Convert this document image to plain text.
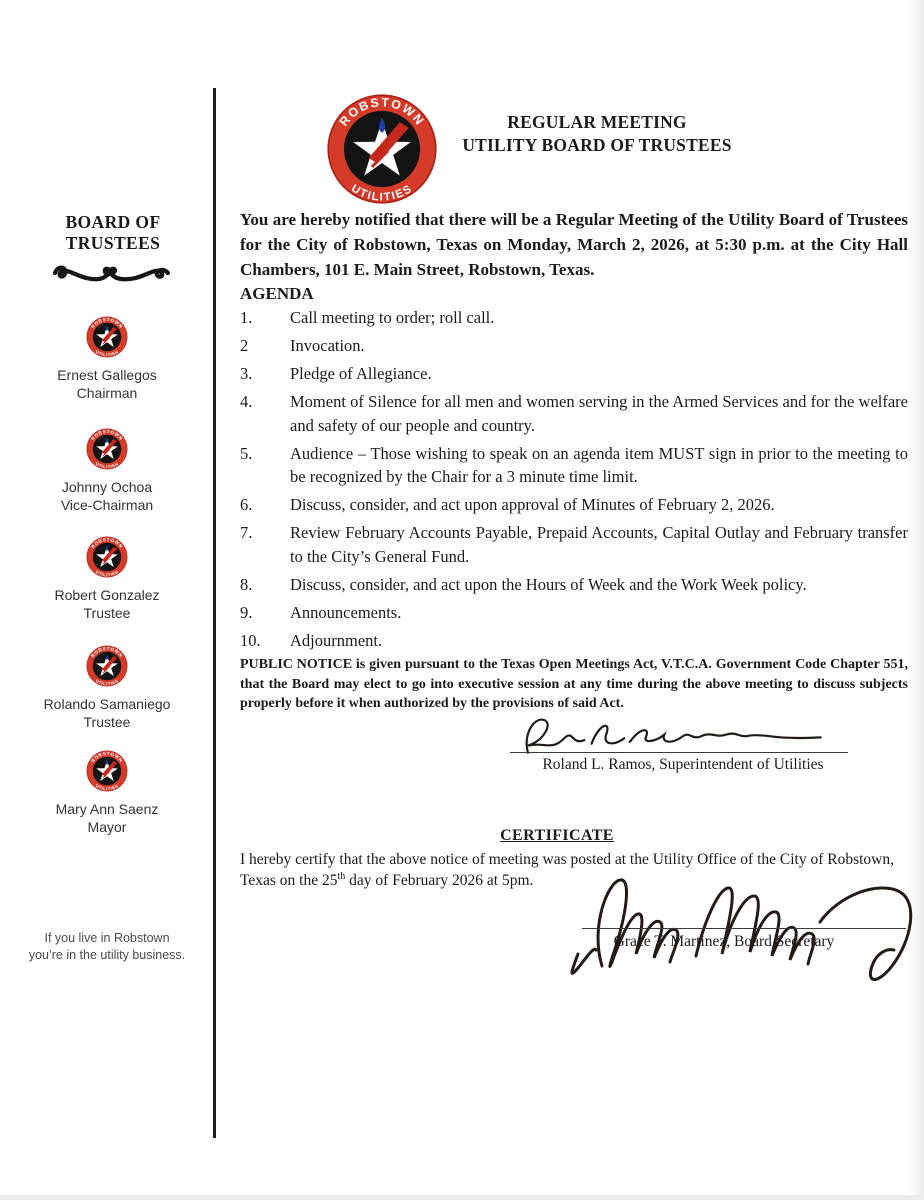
BOARD OF
TRUSTEES
Ernest Gallegos
Chairman
Johnny Ochoa
Vice-Chairman
Robert Gonzalez
Trustee
Rolando Samaniego
Trustee
Mary Ann Saenz
Mayor
If you live in Robstown
you’re in the utility business.
REGULAR MEETING
UTILITY BOARD OF TRUSTEES

You are hereby notified that there will be a Regular Meeting of the Utility Board of Trustees for the City of Robstown, Texas on Monday, March 2, 2026, at 5:30 p.m. at the City Hall Chambers, 101 E. Main Street, Robstown, Texas.

AGENDA
1.	Call meeting to order; roll call.
2	Invocation.
3.	Pledge of Allegiance.
4.	Moment of Silence for all men and women serving in the Armed Services and for the welfare and safety of our people and country.
5.	Audience – Those wishing to speak on an agenda item MUST sign in prior to the meeting to be recognized by the Chair for a 3 minute time limit.
6.	Discuss, consider, and act upon approval of Minutes of February 2, 2026.
7.	Review February Accounts Payable, Prepaid Accounts, Capital Outlay and February transfer to the City’s General Fund.
8.	Discuss, consider, and act upon the Hours of Week and the Work Week policy.
9.	Announcements.
10.	Adjournment.

PUBLIC NOTICE is given pursuant to the Texas Open Meetings Act, V.T.C.A. Government Code Chapter 551, that the Board may elect to go into executive session at any time during the above meeting to discuss subjects properly before it when authorized by the provisions of said Act.

Roland L. Ramos, Superintendent of Utilities
CERTIFICATE

I hereby certify that the above notice of meeting was posted at the Utility Office of the City of Robstown, Texas on the 25th day of February 2026 at 5pm.

Grace T. Martinez, Board Secretary
